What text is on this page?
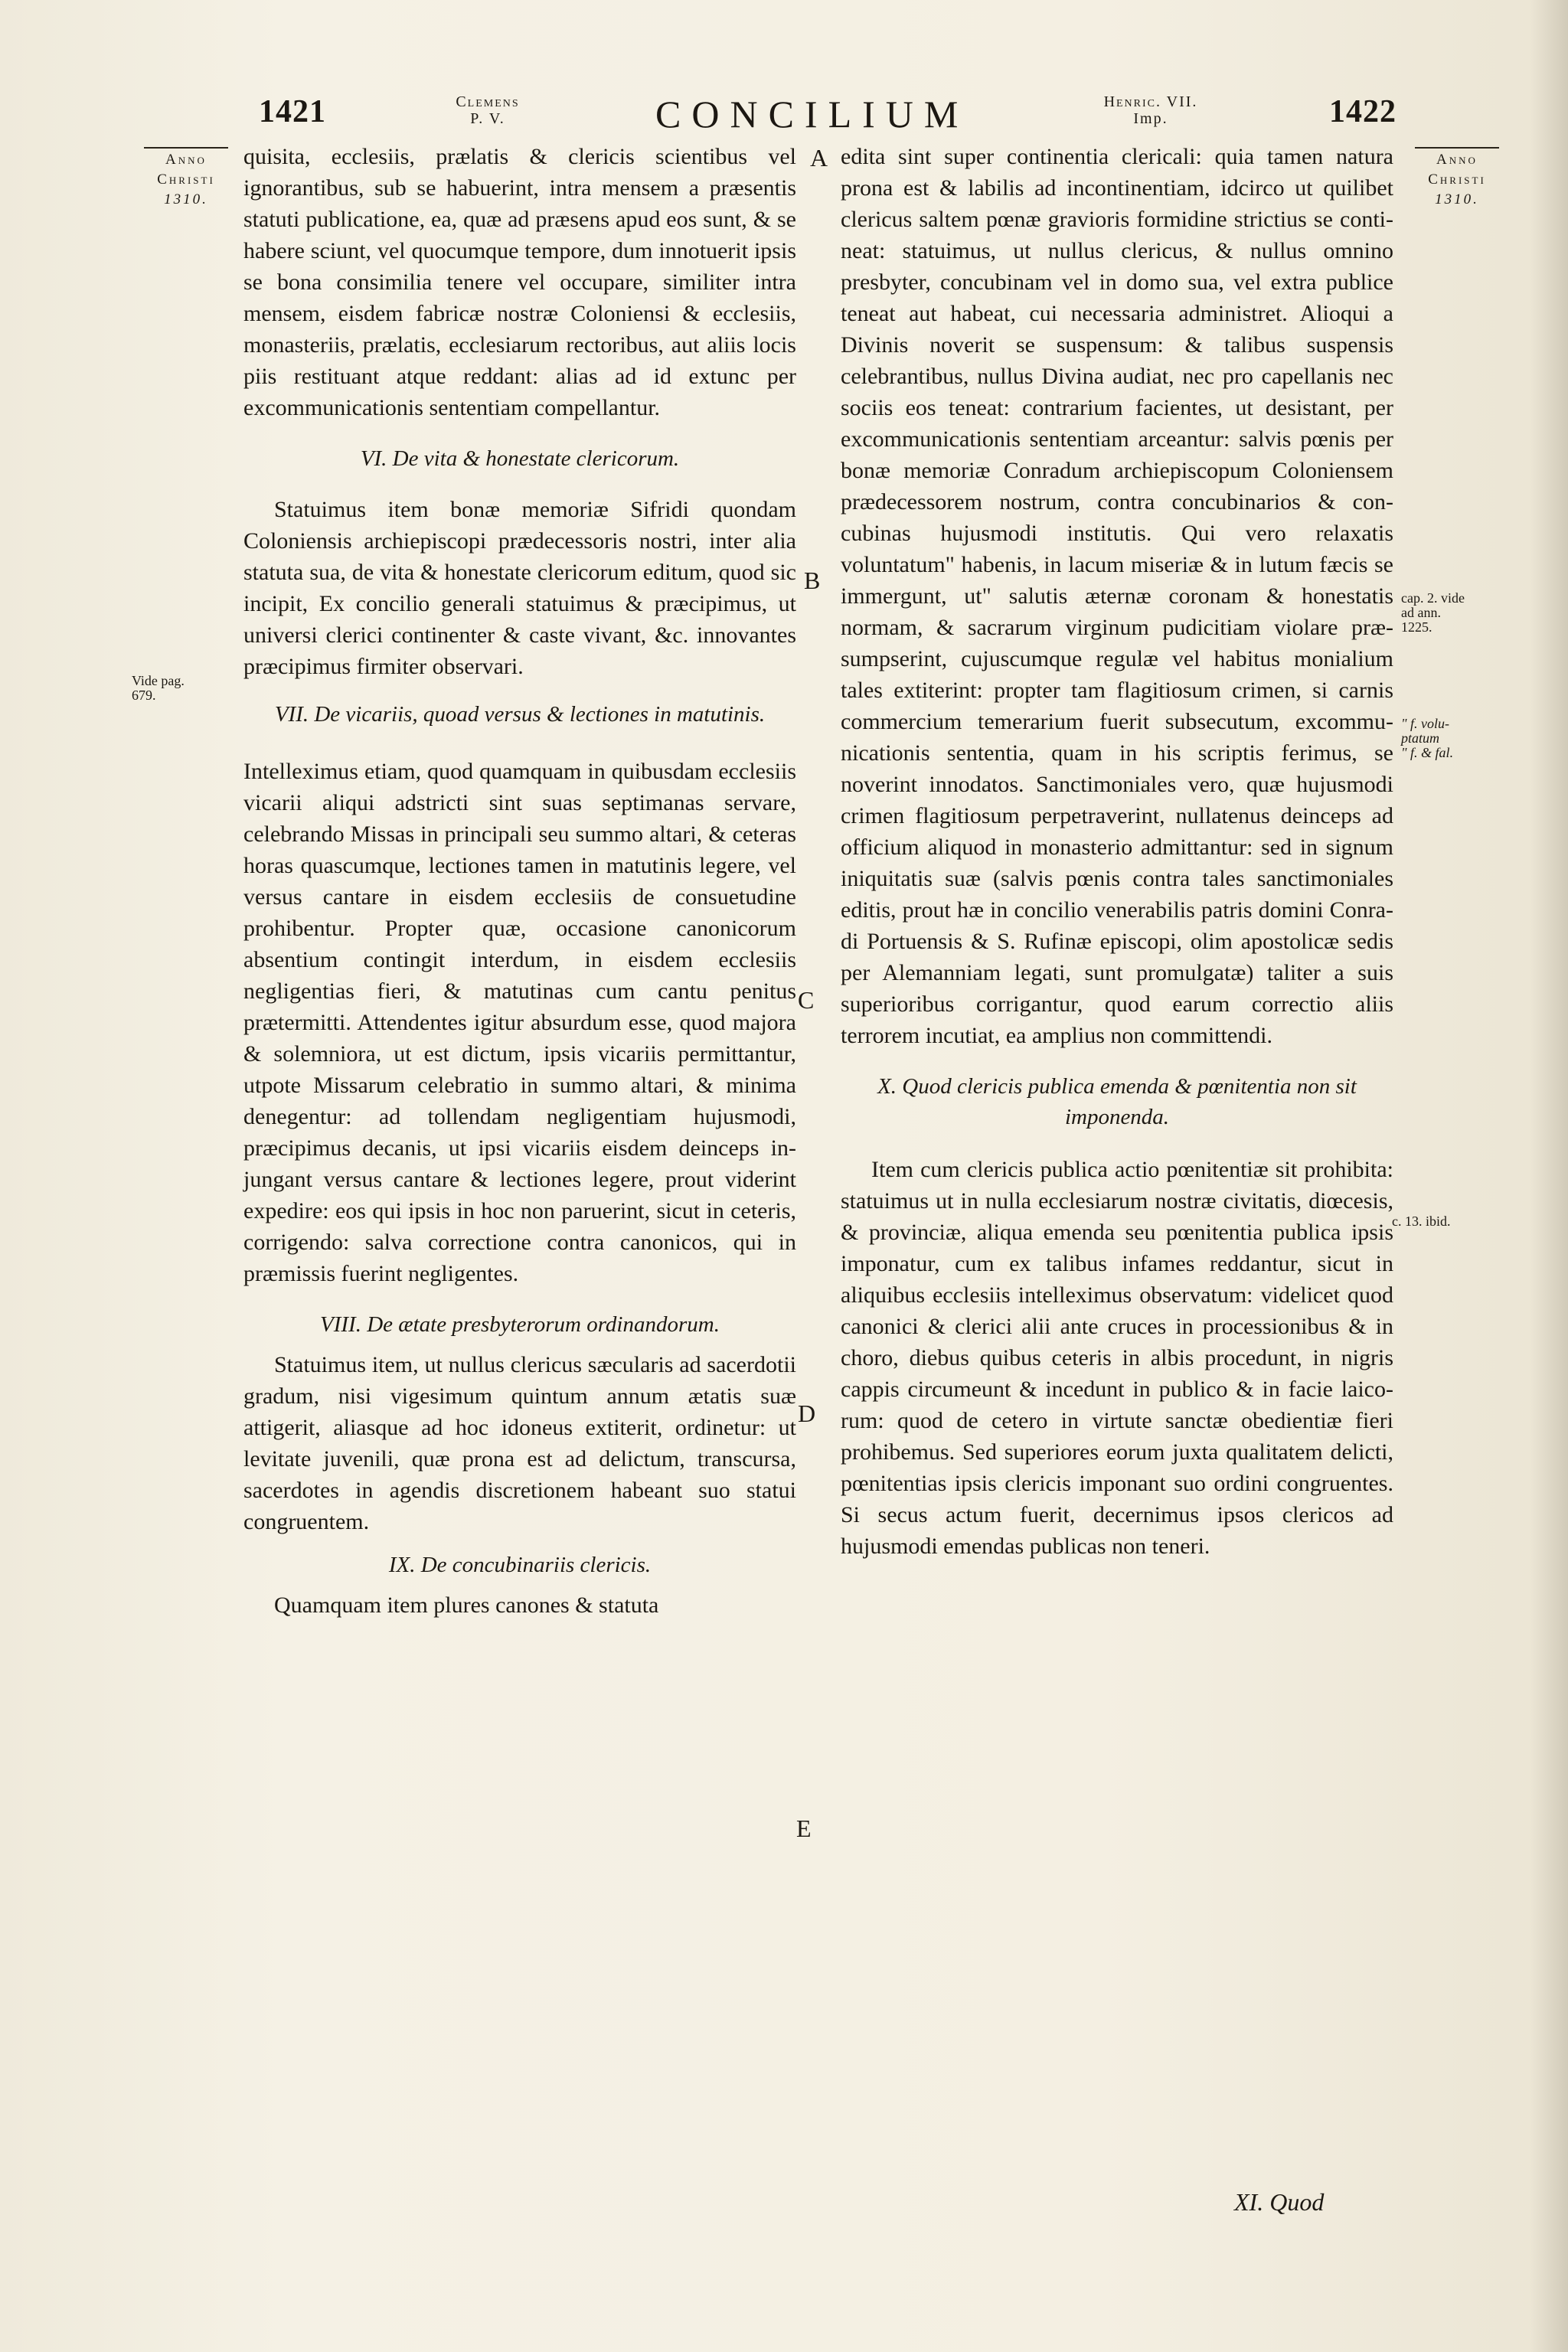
1421	Clemens
P. V.	CONCILIUM	Henric. VII.
Imp.	1422
Anno
Christi
1310.
Anno
Christi
1310.

quisita, ecclesiis, prælatis & clericis scientibus vel ignorantibus, sub se habuerint, intra mensem a præsentis statuti publicatione, ea, quæ ad præsens apud eos sunt, & se habere sciunt, vel quocumque tempore, dum innotuerit ipsis se bona consimilia tenere vel occupare, similiter intra mensem, eisdem fabricæ nostræ Coloniensi & ecclesiis, monasteriis, prælatis, ecclesiarum rectoribus, aut aliis locis piis restituant atque reddant: alias ad id extunc per excommunicationis sententiam compellantur.

VI. De vita & honestate clericorum.

Statuimus item bonæ memoriæ Sifridi quondam Coloniensis archiepiscopi prædecessoris nostri, inter alia statuta sua, de vita & honestate clericorum editum, quod sic incipit, Ex concilio generali statuimus & præcipimus, ut universi clerici continenter & caste vivant, &c. innovantes præcipimus firmiter observari.

VII. De vicariis, quoad versus & lectiones in matutinis.

Intelleximus etiam, quod quamquam in quibusdam ecclesiis vicarii aliqui adstricti sint suas septimanas servare, celebrando Missas in principali seu summo altari, & ceteras horas quascumque, lectiones tamen in matutinis legere, vel versus cantare in eisdem ecclesiis de consuetudine prohibentur. Propter quæ, occasione canonicorum absentium contingit interdum, in eisdem ecclesiis negligentias fieri, & matutinas cum cantu penitus prætermitti. Attendentes igitur absurdum esse, quod majora & solemniora, ut est dictum, ipsis vicariis permittantur, utpote Missarum celebratio in summo altari, & minima denegentur: ad tollendam negligentiam hujusmodi, præcipimus decanis, ut ipsi vicariis eisdem deinceps injungant versus cantare & lectiones legere, prout viderint expedire: eos qui ipsis in hoc non paruerint, sicut in ceteris, corrigendo: salva correctione contra canonicos, qui in præmissis fuerint negligentes.

VIII. De ætate presbyterorum ordinandorum.

Statuimus item, ut nullus clericus sæcularis ad sacerdotii gradum, nisi vigesimum quintum annum ætatis suæ attigerit, aliasque ad hoc idoneus extiterit, ordinetur: ut levitate juvenili, quæ prona est ad delictum, transcursa, sacerdotes in agendis discretionem habeant suo statui congruentem.

IX. De concubinariis clericis.

Quamquam item plures canones & statuta

A
B
C
D
E

edita sint super continentia clericali: quia tamen natura prona est & labilis ad incontinentiam, idcirco ut quilibet clericus saltem pœnæ gravioris formidine strictius se contineat: statuimus, ut nullus clericus, & nullus omnino presbyter, concubinam vel in domo sua, vel extra publice teneat aut habeat, cui necessaria administret. Alioqui a Divinis noverit se suspensum: & talibus suspensis celebrantibus, nullus Divina audiat, nec pro capellanis nec sociis eos teneat: contrarium facientes, ut desistant, per excommunicationis sententiam arceantur: salvis pœnis per bonæ memoriæ Conradum archiepiscopum Coloniensem prædecessorem nostrum, contra concubinarios & concubinas hujusmodi institutis. Qui vero relaxatis voluntatum" habenis, in lacum miseriæ & in lutum fæcis se immergunt, ut" salutis æternæ coronam & honestatis normam, & sacrarum virginum pudicitiam violare præsumpserint, cujuscumque regulæ vel habitus monialium tales extiterint: propter tam flagitiosum crimen, si carnis commercium temerarium fuerit subsecutum, excommunicationis sententia, quam in his scriptis ferimus, se noverint innodatos. Sanctimoniales vero, quæ hujusmodi crimen flagitiosum perpetraverint, nullatenus deinceps ad officium aliquod in monasterio admittantur: sed in signum iniquitatis suæ (salvis pœnis contra tales sanctimoniales editis, prout hæ in concilio venerabilis patris domini Conradi Portuensis & S. Rufinæ episcopi, olim apostolicæ sedis per Alemanniam legati, sunt promulgatæ) taliter a suis superioribus corrigantur, quod earum correctio aliis terrorem incutiat, ea amplius non committendi.

X. Quod clericis publica emenda & pœnitentia non sit imponenda.

Item cum clericis publica actio pœnitentiæ sit prohibita: statuimus ut in nulla ecclesiarum nostræ civitatis, diœcesis, & provinciæ, aliqua emenda seu pœnitentia publica ipsis imponatur, cum ex talibus infames reddantur, sicut in aliquibus ecclesiis intelleximus observatum: videlicet quod canonici & clerici alii ante cruces in processionibus & in choro, diebus quibus ceteris in albis procedunt, in nigris cappis circumeunt & incedunt in publico & in facie laicorum: quod de cetero in virtute sanctæ obedientiæ fieri prohibemus. Sed superiores eorum juxta qualitatem delicti, pœnitentias ipsis clericis imponant suo ordini congruentes. Si secus actum fuerit, decernimus ipsos clericos ad hujusmodi emendas publicas non teneri.

Vide pag.
679.
cap. 2. vide
ad ann.
1225.
" f. volu-
ptatum
" f. & fal.
c. 13. ibid.
XI. Quod
